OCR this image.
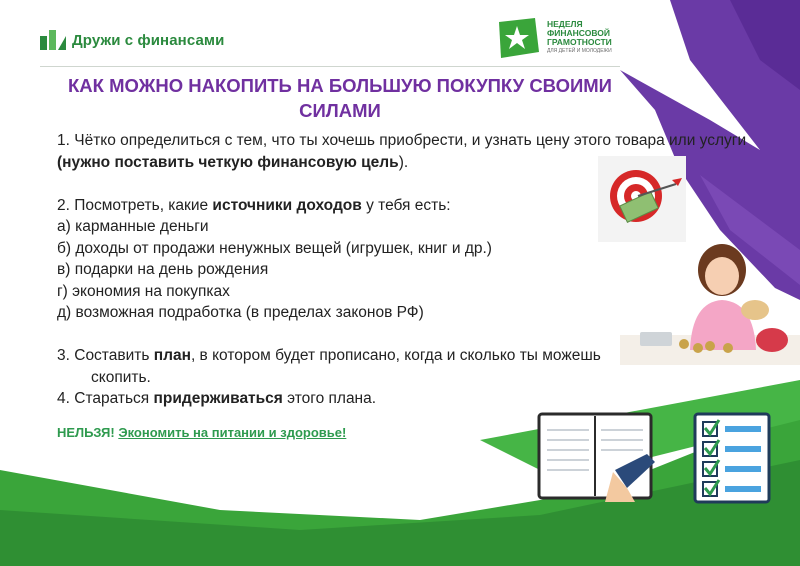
Дружи с финансами
НЕДЕЛЯ
ФИНАНСОВОЙ
ГРАМОТНОСТИ
ДЛЯ ДЕТЕЙ И МОЛОДЕЖИ
КАК МОЖНО НАКОПИТЬ НА БОЛЬШУЮ ПОКУПКУ СВОИМИ СИЛАМИ

1. Чётко определиться с тем, что ты хочешь приобрести, и узнать цену этого товара или услуги

(нужно поставить четкую финансовую цель).

2. Посмотреть, какие источники доходов у тебя есть:

а) карманные деньги

б) доходы от продажи ненужных вещей (игрушек, книг и др.)

в) подарки на день рождения

г) экономия на покупках

д) возможная подработка (в пределах законов РФ)

3. Составить план, в котором будет прописано, когда и сколько ты можешь

скопить.

4. Стараться придерживаться этого плана.

НЕЛЬЗЯ! Экономить на питании и здоровье!
